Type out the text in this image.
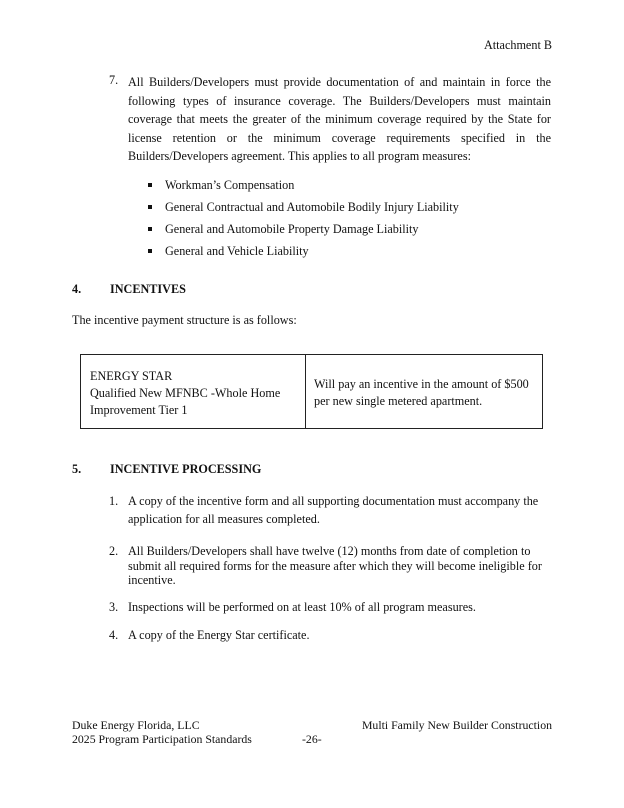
Attachment B
7. All Builders/Developers must provide documentation of and maintain in force the following types of insurance coverage. The Builders/Developers must maintain coverage that meets the greater of the minimum coverage required by the State for license retention or the minimum coverage requirements specified in the Builders/Developers agreement. This applies to all program measures:
Workman’s Compensation
General Contractual and Automobile Bodily Injury Liability
General and Automobile Property Damage Liability
General and Vehicle Liability
4. INCENTIVES
The incentive payment structure is as follows:
ENERGY STAR
Qualified New MFNBC -Whole Home
Improvement Tier 1
Will pay an incentive in the amount of $500
per new single metered apartment.
5. INCENTIVE PROCESSING
1. A copy of the incentive form and all supporting documentation must accompany the
application for all measures completed.
2. All Builders/Developers shall have twelve (12) months from date of completion to
submit all required forms for the measure after which they will become ineligible for
incentive.
3. Inspections will be performed on at least 10% of all program measures.
4. A copy of the Energy Star certificate.
Duke Energy Florida, LLC
2025 Program Participation Standards	-26-
Multi Family New Builder Construction
